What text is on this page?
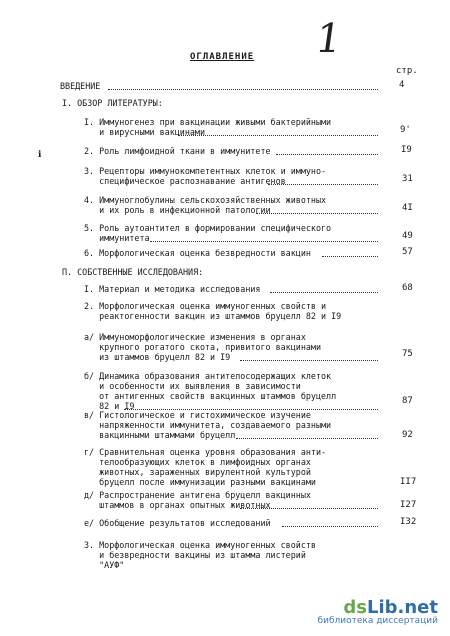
1
ОГЛАВЛЕНИЕ
стр.
ℹ
ВВЕДЕНИЕ	4
I. ОБЗОР ЛИТЕРАТУРЫ:
I. Иммуногенез при вакцинации живыми бактерийными
и вирусными вакцинами	9'
2. Роль лимфоидной ткани в иммунитете	I9
3. Рецепторы иммунокомпетентных клеток и иммуно-
специфическое распознавание антигенов	31
4. Иммуноглобулины сельскохозяйственных животных
и их роль в инфекционной патологии	4I
5. Роль аутоантител в формировании специфического
иммунитета	49
6. Морфологическая оценка безвредности вакцин	57
П. СОБСТВЕННЫЕ ИССЛЕДОВАНИЯ:
I. Материал и методика исследования	68
2. Морфологическая оценка иммуногенных свойств и
реактогенности вакцин из штаммов бруцелл 82 и I9
а/ Иммуноморфологические изменения в органах
крупного рогатого скота, привитого вакцинами
из штаммов бруцелл 82 и I9	75
б/ Динамика образования антителосодержащих клеток
и особенности их выявления в зависимости
от антигенных свойств вакцинных штаммов бруцелл
82 и I9	87
в/ Гистологическое и гистохимическое изучение
напряженности иммунитета, создаваемого разными
вакцинными штаммами бруцелл	92
г/ Сравнительная оценка уровня образования анти-
телообразующих клеток в лимфоидных органах
животных, зараженных вирулентной культурой
бруцелл после иммунизации разными вакцинами	II7
д/ Распространение антигена бруцелл вакцинных
штаммов в органах опытных животных	I27
е/ Обобщение результатов исследований	I32
3. Морфологическая оценка иммуногенных свойств
и безвредности вакцины из штамма листерий
"АУФ"
dsLib.net
библиотека диссертаций
